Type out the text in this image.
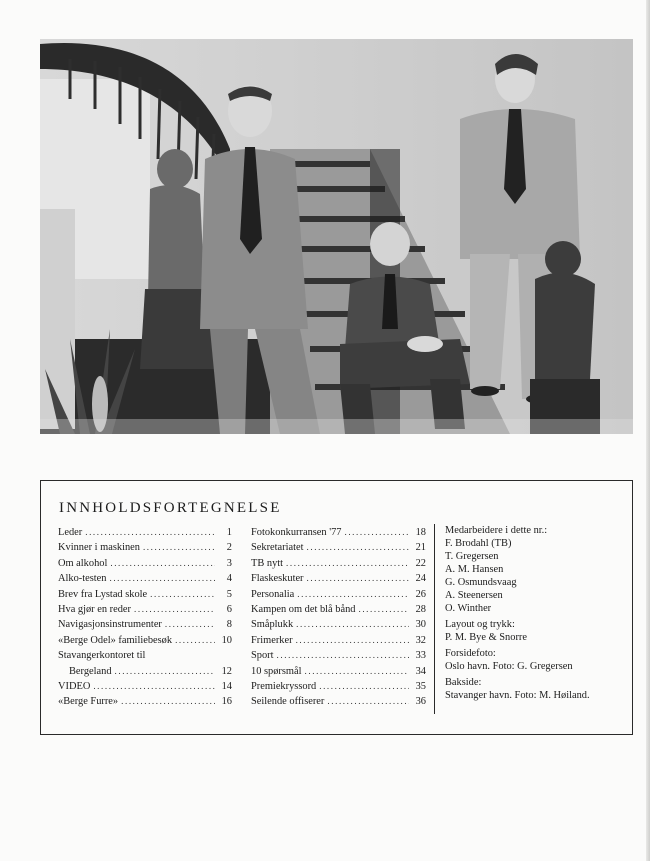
INNHOLDSFORTEGNELSE
Leder .....	1
Kvinner i maskinen .....	2
Om alkohol .....	3
Alko-testen .....	4
Brev fra Lystad skole .....	5
Hva gjør en reder .....	6
Navigasjonsinstrumenter .....	8
«Berge Odel» familiebesøk .....	10
Stavangerkontoret til
Bergeland .....	12
VIDEO .....	14
«Berge Furre» .....	16
Fotokonkurransen '77 .....	18
Sekretariatet .....	21
TB nytt .....	22
Flaskeskuter .....	24
Personalia .....	26
Kampen om det blå bånd .....	28
Småplukk .....	30
Frimerker .....	32
Sport .....	33
10 spørsmål .....	34
Premiekryssord .....	35
Seilende offiserer .....	36
Medarbeidere i dette nr.:
F. Brodahl (TB)
T. Gregersen
A. M. Hansen
G. Osmundsvaag
A. Steenersen
O. Winther
Layout og trykk:
P. M. Bye & Snorre
Forsidefoto:
Oslo havn. Foto: G. Gregersen
Bakside:
Stavanger havn. Foto: M. Høiland.
